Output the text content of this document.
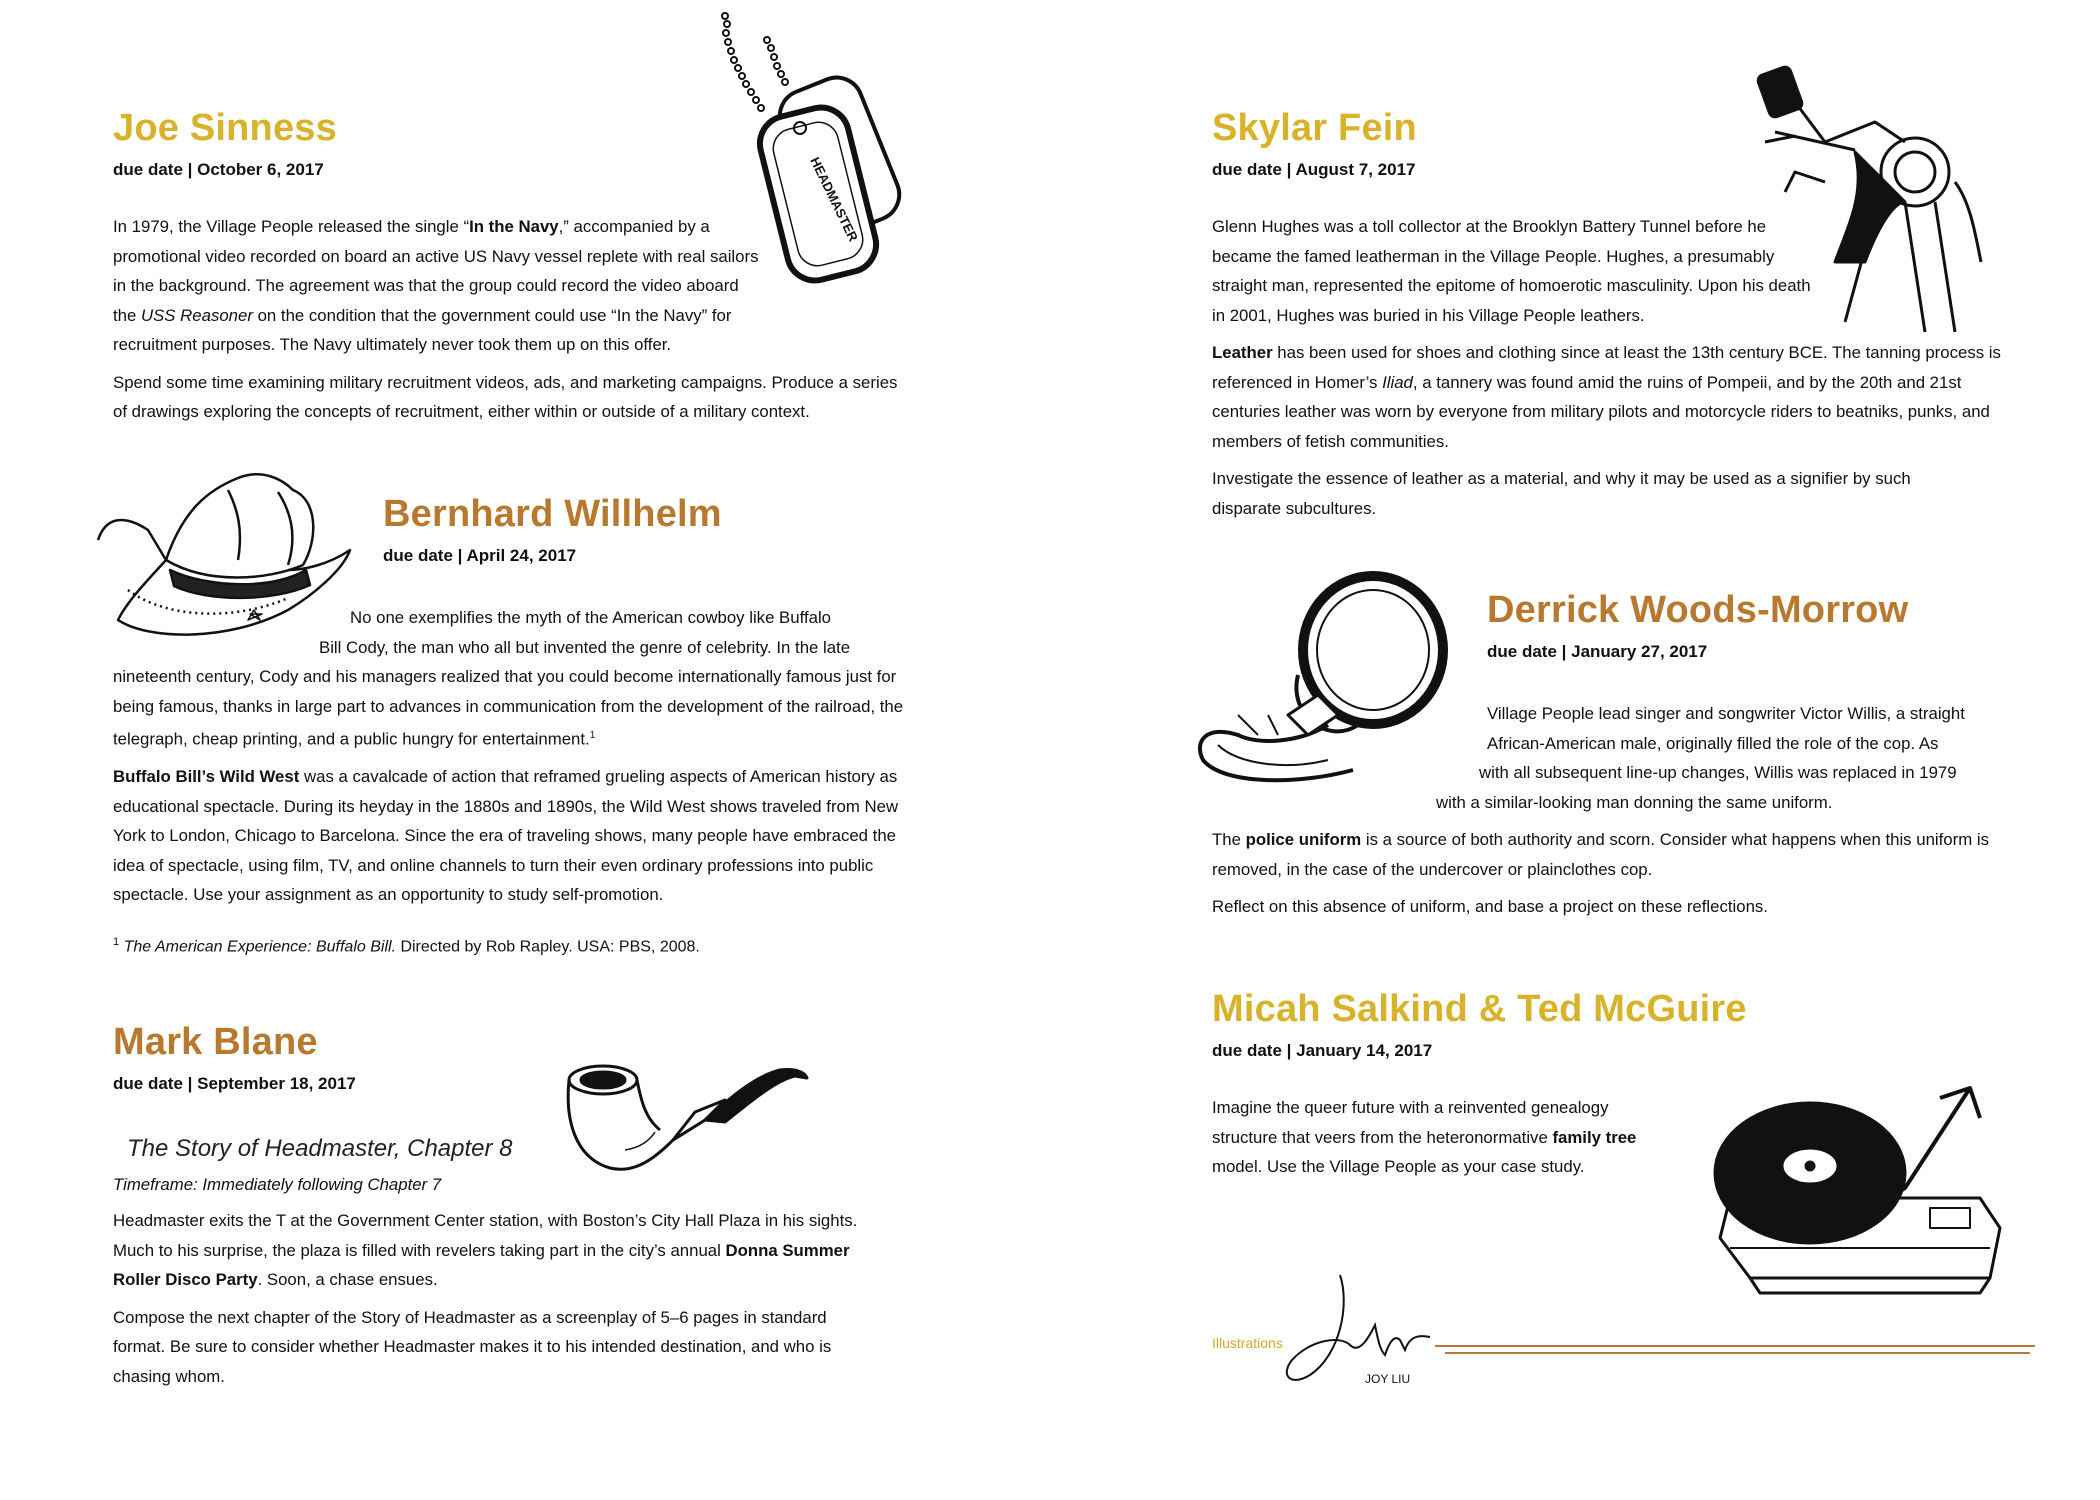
Joe Sinness
due date | October 6, 2017

In 1979, the Village People released the single “In the Navy,” accompanied by a promotional video recorded on board an active US Navy vessel replete with real sailors in the background. The agreement was that the group could record the video aboard the USS Reasoner on the condition that the government could use “In the Navy” for recruitment purposes. The Navy ultimately never took them up on this offer.

Spend some time examining military recruitment videos, ads, and marketing campaigns. Produce a series of drawings exploring the concepts of recruitment, either within or outside of a military context.

HEADMASTER
Bernhard Willhelm
due date | April 24, 2017

No one exemplifies the myth of the American cowboy like Buffalo
Bill Cody, the man who all but invented the genre of celebrity. In the late
nineteenth century, Cody and his managers realized that you could become internationally famous just for being famous, thanks in large part to advances in communication from the development of the railroad, the telegraph, cheap printing, and a public hungry for entertainment.$^1$

Buffalo Bill’s Wild West was a cavalcade of action that reframed grueling aspects of American history as educational spectacle. During its heyday in the 1880s and 1890s, the Wild West shows traveled from New York to London, Chicago to Barcelona. Since the era of traveling shows, many people have embraced the idea of spectacle, using film, TV, and online channels to turn their even ordinary professions into public spectacle. Use your assignment as an opportunity to study self-promotion.

$^1$ The American Experience: Buffalo Bill. Directed by Rob Rapley. USA: PBS, 2008.

Mark Blane
due date | September 18, 2017
The Story of Headmaster, Chapter 8
Timeframe: Immediately following Chapter 7

Headmaster exits the T at the Government Center station, with Boston’s City Hall Plaza in his sights. Much to his surprise, the plaza is filled with revelers taking part in the city’s annual Donna Summer Roller Disco Party. Soon, a chase ensues.

Compose the next chapter of the Story of Headmaster as a screenplay of 5–6 pages in standard format. Be sure to consider whether Headmaster makes it to his intended destination, and who is chasing whom.

Skylar Fein
due date | August 7, 2017

Glenn Hughes was a toll collector at the Brooklyn Battery Tunnel before he became the famed leatherman in the Village People. Hughes, a presumably straight man, represented the epitome of homoerotic masculinity. Upon his death in 2001, Hughes was buried in his Village People leathers.

Leather has been used for shoes and clothing since at least the 13th century BCE. The tanning process is referenced in Homer’s Iliad, a tannery was found amid the ruins of Pompeii, and by the 20th and 21st centuries leather was worn by everyone from military pilots and motorcycle riders to beatniks, punks, and members of fetish communities.

Investigate the essence of leather as a material, and why it may be used as a signifier by such disparate subcultures.

Derrick Woods-Morrow
due date | January 27, 2017

Village People lead singer and songwriter Victor Willis, a straight
African-American male, originally filled the role of the cop. As
with all subsequent line-up changes, Willis was replaced in 1979
with a similar-looking man donning the same uniform.

The police uniform is a source of both authority and scorn. Consider what happens when this uniform is removed, in the case of the undercover or plainclothes cop.

Reflect on this absence of uniform, and base a project on these reflections.

Micah Salkind & Ted McGuire
due date | January 14, 2017

Imagine the queer future with a reinvented genealogy structure that veers from the heteronormative family tree model. Use the Village People as your case study.

Illustrations
JOY LIU
